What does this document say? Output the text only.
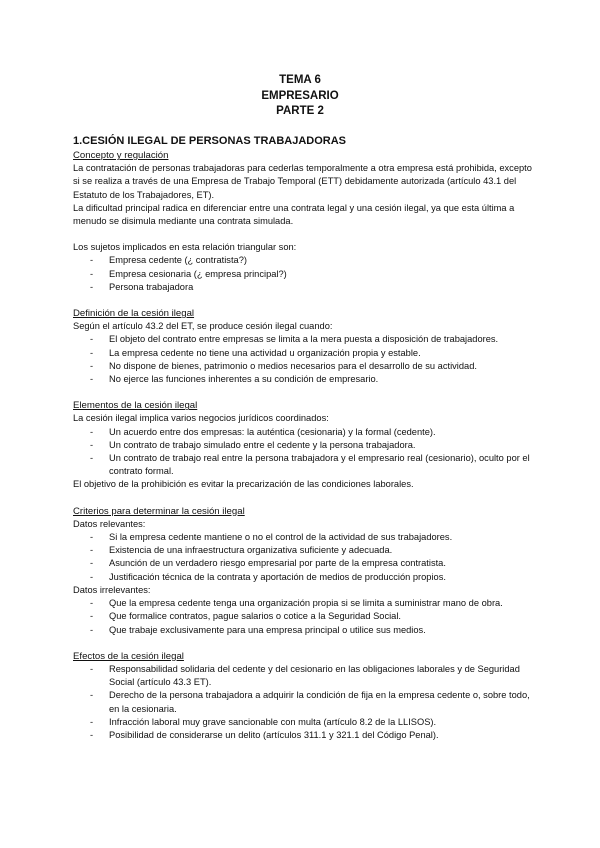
TEMA 6
EMPRESARIO
PARTE 2
1.CESIÓN ILEGAL DE PERSONAS TRABAJADORAS
Concepto y regulación

La contratación de personas trabajadoras para cederlas temporalmente a otra empresa está prohibida, excepto si se realiza a través de una Empresa de Trabajo Temporal (ETT) debidamente autorizada (artículo 43.1 del Estatuto de los Trabajadores, ET).

La dificultad principal radica en diferenciar entre una contrata legal y una cesión ilegal, ya que esta última a menudo se disimula mediante una contrata simulada.

Los sujetos implicados en esta relación triangular son:

- Empresa cedente (¿ contratista?)
- Empresa cesionaria (¿ empresa principal?)
- Persona trabajadora
Definición de la cesión ilegal

Según el artículo 43.2 del ET, se produce cesión ilegal cuando:

- El objeto del contrato entre empresas se limita a la mera puesta a disposición de trabajadores.
- La empresa cedente no tiene una actividad u organización propia y estable.
- No dispone de bienes, patrimonio o medios necesarios para el desarrollo de su actividad.
- No ejerce las funciones inherentes a su condición de empresario.
Elementos de la cesión ilegal

La cesión ilegal implica varios negocios jurídicos coordinados:

- Un acuerdo entre dos empresas: la auténtica (cesionaria) y la formal (cedente).
- Un contrato de trabajo simulado entre el cedente y la persona trabajadora.
- Un contrato de trabajo real entre la persona trabajadora y el empresario real (cesionario), oculto por el contrato formal.

El objetivo de la prohibición es evitar la precarización de las condiciones laborales.

Criterios para determinar la cesión ilegal

Datos relevantes:

- Si la empresa cedente mantiene o no el control de la actividad de sus trabajadores.
- Existencia de una infraestructura organizativa suficiente y adecuada.
- Asunción de un verdadero riesgo empresarial por parte de la empresa contratista.
- Justificación técnica de la contrata y aportación de medios de producción propios.

Datos irrelevantes:

- Que la empresa cedente tenga una organización propia si se limita a suministrar mano de obra.
- Que formalice contratos, pague salarios o cotice a la Seguridad Social.
- Que trabaje exclusivamente para una empresa principal o utilice sus medios.
Efectos de la cesión ilegal
- Responsabilidad solidaria del cedente y del cesionario en las obligaciones laborales y de Seguridad Social (artículo 43.3 ET).
- Derecho de la persona trabajadora a adquirir la condición de fija en la empresa cedente o, sobre todo, en la cesionaria.
- Infracción laboral muy grave sancionable con multa (artículo 8.2 de la LLISOS).
- Posibilidad de considerarse un delito (artículos 311.1 y 321.1 del Código Penal).
